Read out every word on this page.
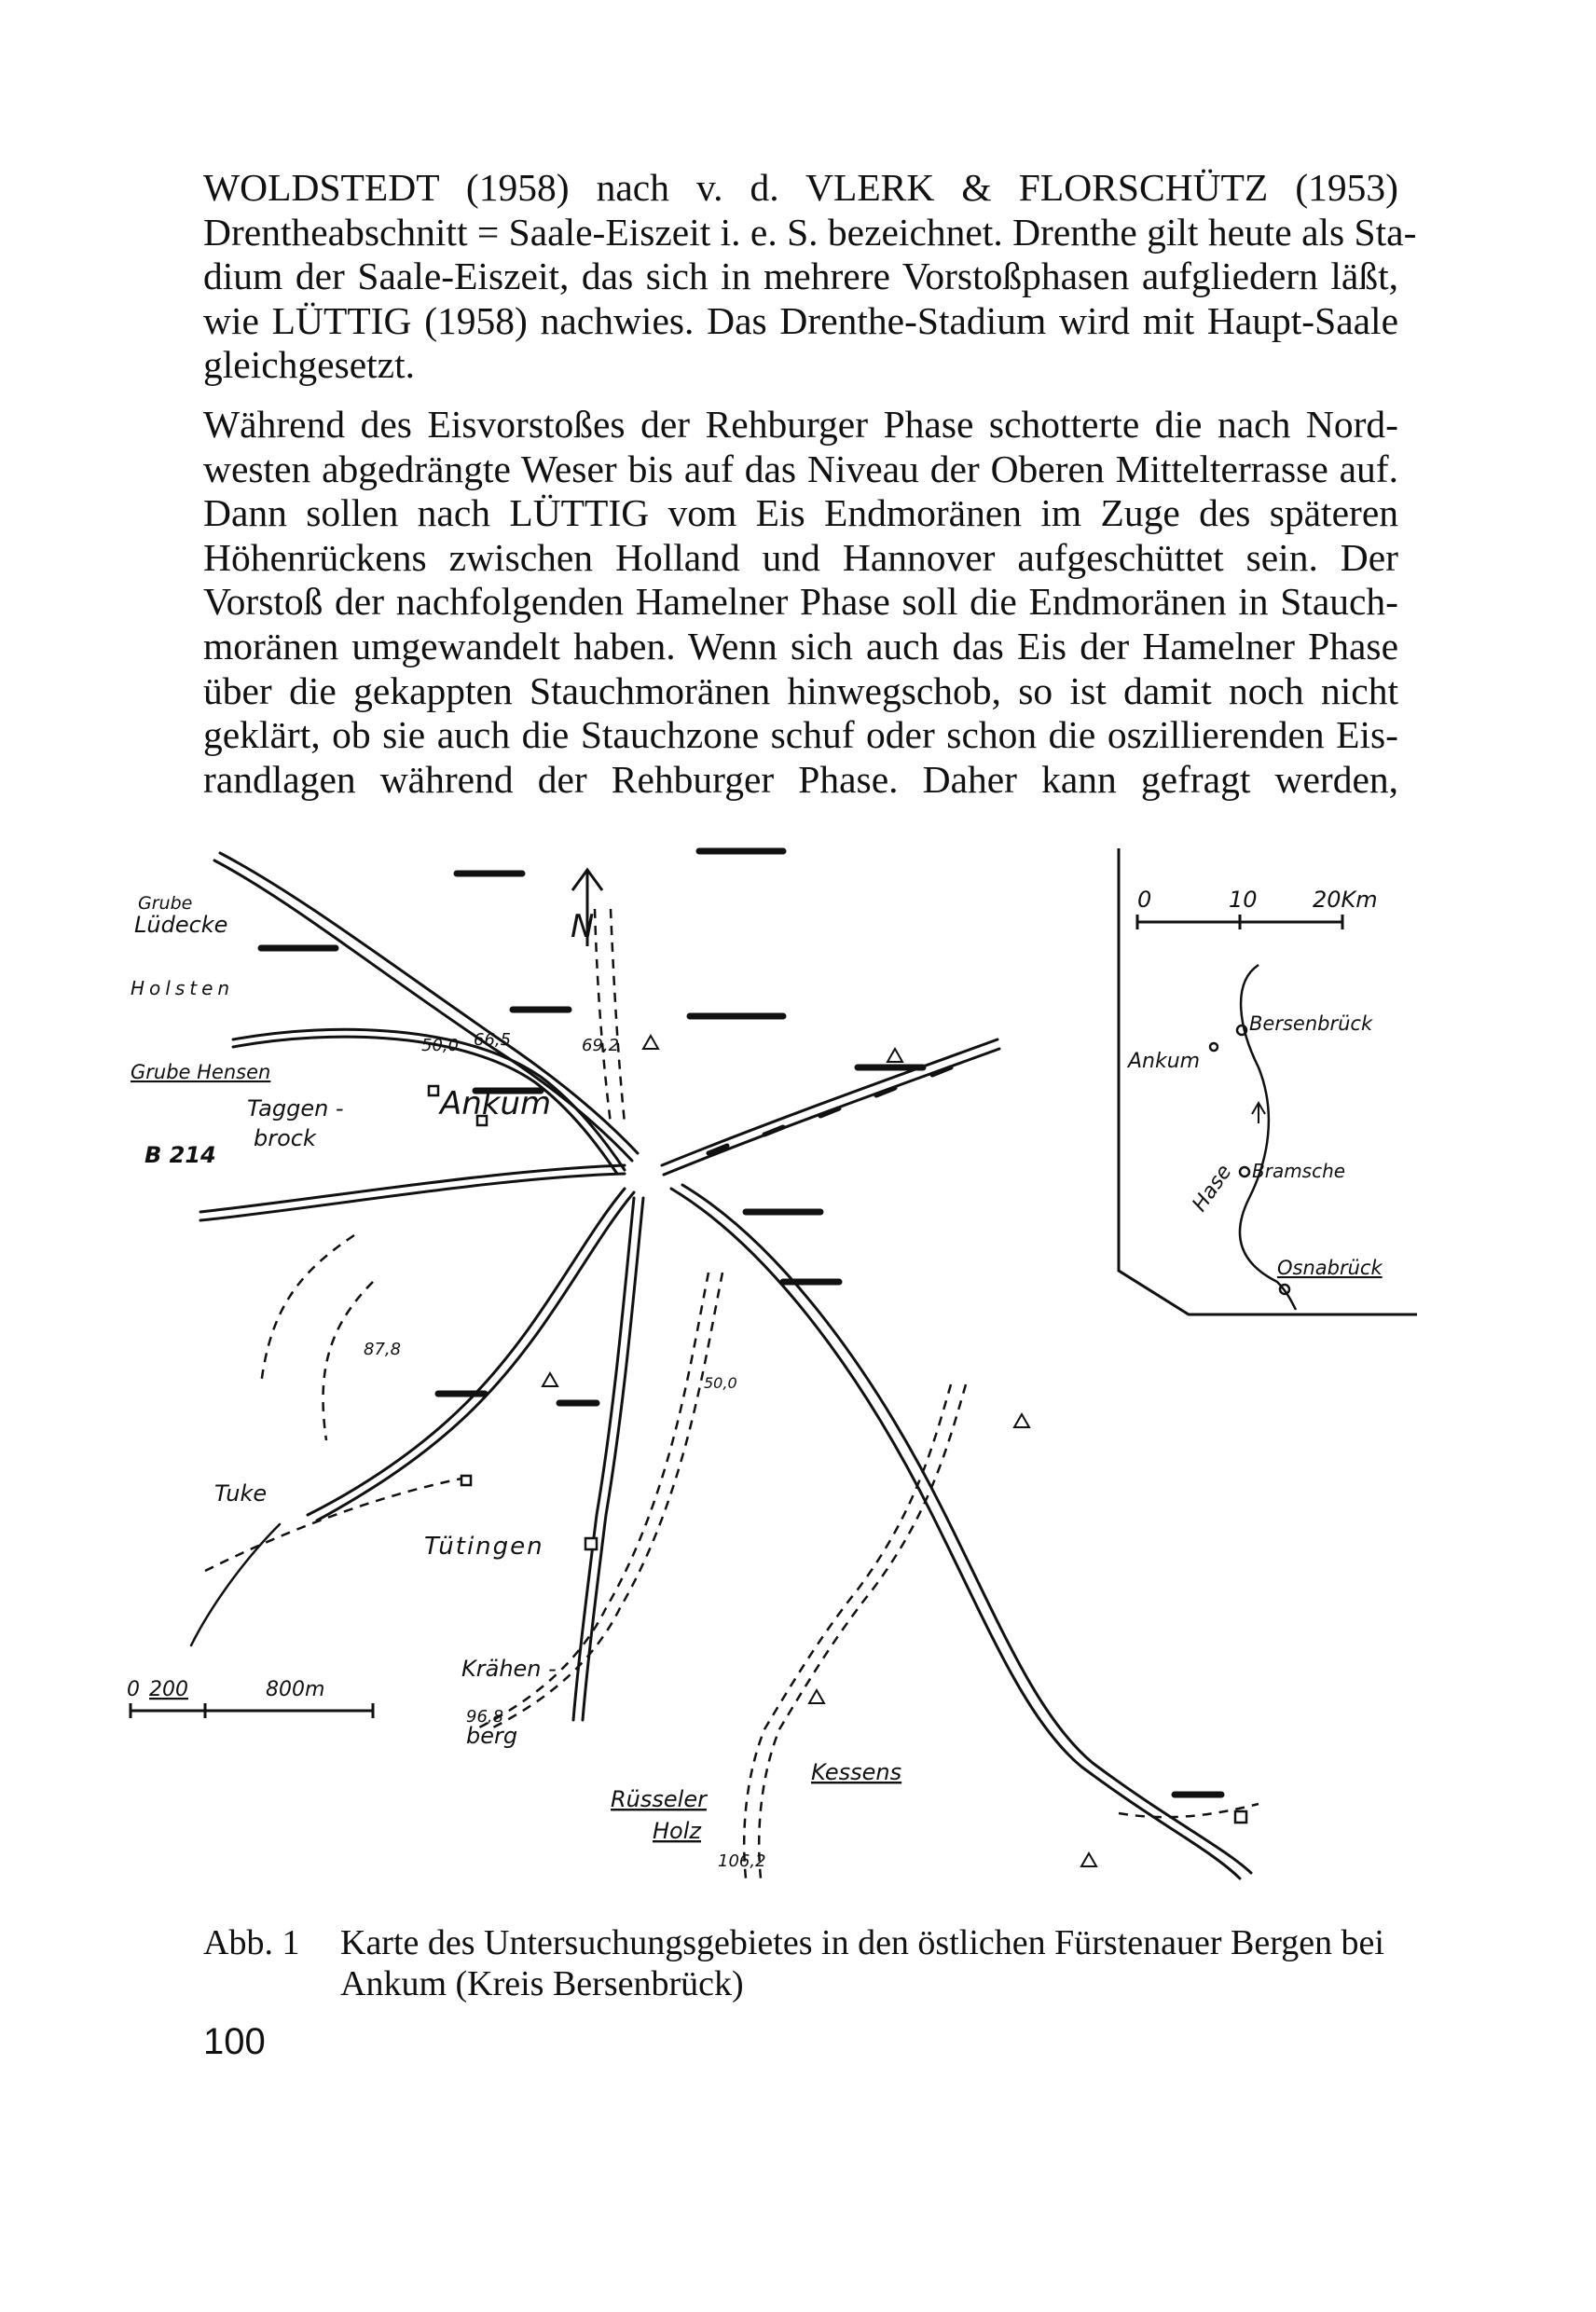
WOLDSTEDT (1958) nach v. d. VLERK & FLORSCHÜTZ (1953)
Drentheabschnitt = Saale-Eiszeit i. e. S. bezeichnet. Drenthe gilt heute als Sta-
dium der Saale-Eiszeit, das sich in mehrere Vorstoßphasen aufgliedern läßt,
wie LÜTTIG (1958) nachwies. Das Drenthe-Stadium wird mit Haupt-Saale
gleichgesetzt.
Während des Eisvorstoßes der Rehburger Phase schotterte die nach Nord-
westen abgedrängte Weser bis auf das Niveau der Oberen Mittelterrasse auf.
Dann sollen nach LÜTTIG vom Eis Endmoränen im Zuge des späteren
Höhenrückens zwischen Holland und Hannover aufgeschüttet sein. Der
Vorstoß der nachfolgenden Hamelner Phase soll die Endmoränen in Stauch-
moränen umgewandelt haben. Wenn sich auch das Eis der Hamelner Phase
über die gekappten Stauchmoränen hinwegschob, so ist damit noch nicht
geklärt, ob sie auch die Stauchzone schuf oder schon die oszillierenden Eis-
randlagen während der Rehburger Phase. Daher kann gefragt werden,
N
Grube
Lüdecke
Holsten
Grube Hensen
Taggen -
brock
B 214
Ankum
Tuke
Tütingen
Krähen -
berg
Rüsseler
Holz
Kessens
50,0 66,5	69,2
87,8
50,0
96,8
106,2
0 200	800m
0	10 20Km
Bersenbrück
Ankum
Hase Bramsche
Osnabrück

Abb. 1 Karte des Untersuchungsgebietes in den östlichen Fürstenauer Bergen bei Ankum (Kreis Bersenbrück)

100
